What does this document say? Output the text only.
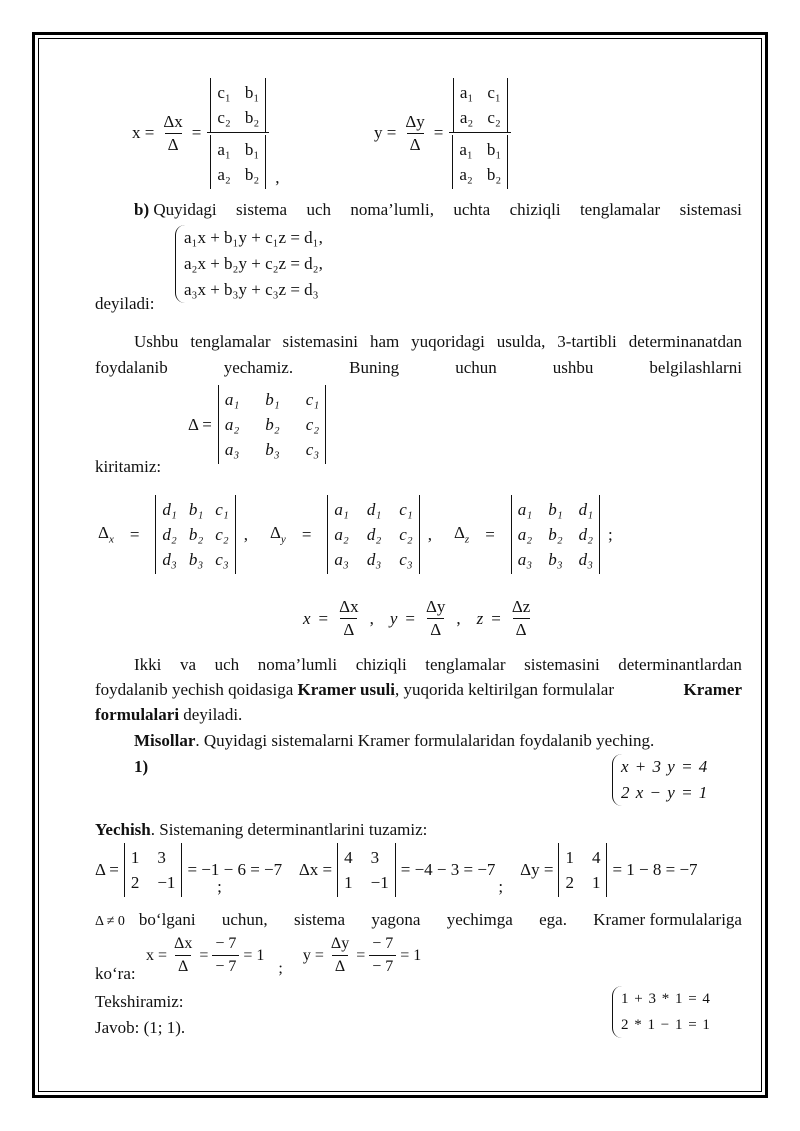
$x = \frac{\Delta x}{\Delta} = c_1$ b₁
c₂ b₂
a₁ b₁
a₂ b₂ ,
$y = \frac{\Delta y}{\Delta} = a_1$ c₁
a₂ c₂
a₁ b₁
a₂ b₂
b) Quyidagi sistema uch noma’lumli, uchta chiziqli tenglamalar sistemasi
a₁x + b₁y + c₁z = d₁,
a₂x + b₂y + c₂z = d₂,
a₃x + b₃y + c₃z = d₃
deyiladi:
Ushbu tenglamalar sistemasini ham yuqoridagi usulda, 3-tartibli determinanatdan
foydalanib	yechamiz.	Buning	uchun	ushbu	belgilashlarni
Δ =
a₁ b₁ c₁
a₂ b₂ c₂
a₃ b₃ c₃
kiritamiz:
$\Delta_x$ =
d₁ b₁ c₁
d₂ b₂ c₂
d₃ b₃ c₃
, $\Delta_y$ =
a₁ d₁ c₁
a₂ d₂ c₂
a₃ d₃ c₃
, $\Delta_z$ =
a₁ b₁ d₁
a₂ b₂ d₂
a₃ b₃ d₃
;
$x = \frac{\Delta x}{\Delta}$ , $y = \frac{\Delta y}{\Delta}$ , $z = \frac{\Delta z}{\Delta}$
Ikki va uch noma’lumli chiziqli tenglamalar sistemasini determinantlardan
foydalanib yechish qoidasiga Kramer usuli, yuqorida keltirilgan formulalar	Kramer
formulalari deyiladi.
Misollar. Quyidagi sistemalarni Kramer formulalaridan foydalanib yeching.
1)	x + 3 y = 4
2 x − y = 1
Yechish. Sistemaning determinantlarini tuzamiz:
Δ =
1 3
2 −1
= −1 − 6 = −7
;
Δx =
4 3
1 −1
= −4 − 3 = −7
;
Δy =
1 4
2 1
= 1 − 8 = −7
Δ ≠ 0 bo‘lgani uchun, sistema yagona yechimga ega. Kramer formulalariga
$x = \frac{\Delta x}{\Delta} = \frac{- 7}{- 7} = 1$
;
$y = \frac{\Delta y}{\Delta} = \frac{- 7}{- 7} = 1$
ko‘ra:
Tekshiramiz:	1 + 3 * 1 = 4
2 * 1 − 1 = 1
Javob: (1; 1).
